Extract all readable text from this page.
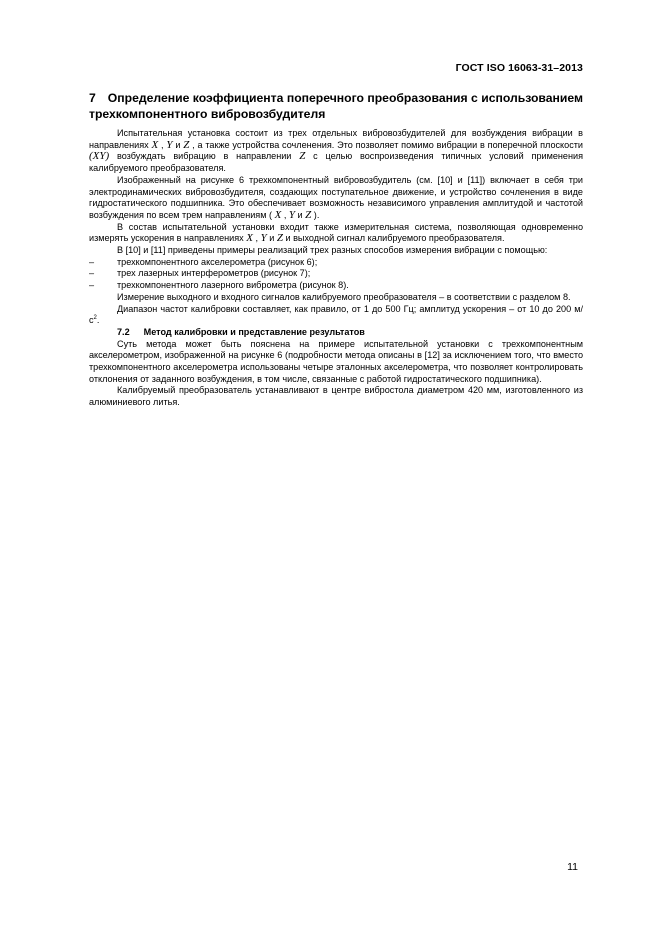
ГОСТ ISO 16063-31–2013
7 Определение коэффициента поперечного преобразования с использованием трехкомпонентного вибровозбудителя

Испытательная установка состоит из трех отдельных вибровозбудителей для возбуждения вибрации в направлениях X , Y и Z , а также устройства сочленения. Это позволяет помимо вибрации в поперечной плоскости (XY) возбуждать вибрацию в направлении Z с целью воспроизведения типичных условий применения калибруемого преобразователя.

Изображенный на рисунке 6 трехкомпонентный вибровозбудитель (см. [10] и [11]) включает в себя три электродинамических вибровозбудителя, создающих поступательное движение, и устройство сочленения в виде гидростатического подшипника. Это обеспечивает возможность независимого управления амплитудой и частотой возбуждения по всем трем направлениям ( X , Y и Z ).

В состав испытательной установки входит также измерительная система, позволяющая одновременно измерять ускорения в направлениях X , Y и Z и выходной сигнал калибруемого преобразователя.

В [10] и [11] приведены примеры реализаций трех разных способов измерения вибрации с помощью:

–	трехкомпонентного акселерометра (рисунок 6);

–	трех лазерных интерферометров (рисунок 7);

–	трехкомпонентного лазерного виброметра (рисунок 8).

Измерение выходного и входного сигналов калибруемого преобразователя – в соответствии с разделом 8.

Диапазон частот калибровки составляет, как правило, от 1 до 500 Гц; амплитуд ускорения – от 10 до 200 $м/с^2$.

7.2 Метод калибровки и представление результатов

Суть метода может быть пояснена на примере испытательной установки с трехкомпонентным акселерометром, изображенной на рисунке 6 (подробности метода описаны в [12] за исключением того, что вместо трехкомпонентного акселерометра использованы четыре эталонных акселерометра, что позволяет контролировать отклонения от заданного возбуждения, в том числе, связанные с работой гидростатического подшипника).

Калибруемый преобразователь устанавливают в центре вибростола диаметром 420 мм, изготовленного из алюминиевого литья.

11
